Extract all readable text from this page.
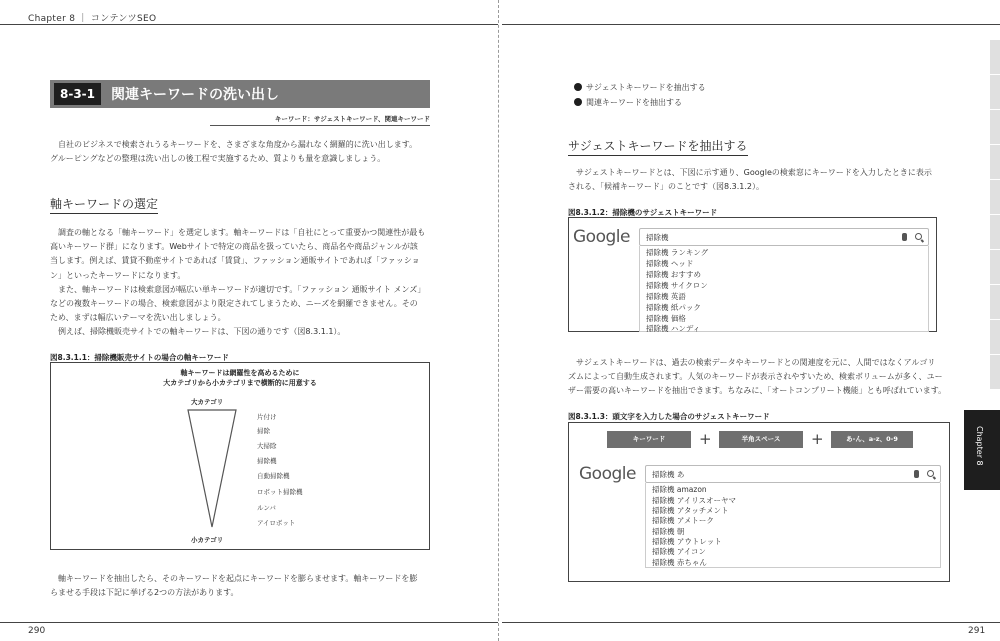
Chapter 8 ｜ コンテンツSEO
8-3-1	関連キーワードの洗い出し
キーワード：サジェストキーワード、関連キーワード
自社のビジネスで検索されうるキーワードを、さまざまな角度から漏れなく網羅的に洗い出します。
グルーピングなどの整理は洗い出しの後工程で実施するため、質よりも量を意識しましょう。
軸キーワードの選定
調査の軸となる「軸キーワード」を選定します。軸キーワードは「自社にとって重要かつ関連性が最も
高いキーワード群」になります。Webサイトで特定の商品を扱っていたら、商品名や商品ジャンルが該
当します。例えば、賃貸不動産サイトであれば「賃貸」、ファッション通販サイトであれば「ファッショ
ン」といったキーワードになります。
また、軸キーワードは検索意図が幅広い単キーワードが適切です。「ファッション 通販サイト メンズ」
などの複数キーワードの場合、検索意図がより限定されてしまうため、ニーズを網羅できません。その
ため、まずは幅広いテーマを洗い出しましょう。
例えば、掃除機販売サイトでの軸キーワードは、下図の通りです（図8.3.1.1）。
図8.3.1.1：掃除機販売サイトの場合の軸キーワード
軸キーワードは網羅性を高めるために
大カテゴリから小カテゴリまで横断的に用意する
大カテゴリ
小カテゴリ
片付け
掃除
大掃除
掃除機
自動掃除機
ロボット掃除機
ルンバ
アイロボット
軸キーワードを抽出したら、そのキーワードを起点にキーワードを膨らませます。軸キーワードを膨
らませる手段は下記に挙げる2つの方法があります。
290
サジェストキーワードを抽出する
関連キーワードを抽出する
サジェストキーワードを抽出する
サジェストキーワードとは、下図に示す通り、Googleの検索窓にキーワードを入力したときに表示
される、「候補キーワード」のことです（図8.3.1.2）。
図8.3.1.2：掃除機のサジェストキーワード
Google 掃除機
掃除機 ランキング
掃除機 ヘッド
掃除機 おすすめ
掃除機 サイクロン
掃除機 英語
掃除機 紙パック
掃除機 価格
掃除機 ハンディ
サジェストキーワードは、過去の検索データやキーワードとの関連度を元に、人間ではなくアルゴリ
ズムによって自動生成されます。人気のキーワードが表示されやすいため、検索ボリュームが多く、ユー
ザー需要の高いキーワードを抽出できます。ちなみに、「オートコンプリート機能」とも呼ばれています。
図8.3.1.3：頭文字を入力した場合のサジェストキーワード
キーワード	+	半角スペース	+	あ-ん、a-z、0-9
Google 掃除機 あ
掃除機 amazon
掃除機 アイリスオーヤマ
掃除機 アタッチメント
掃除機 アメトーク
掃除機 朝
掃除機 アウトレット
掃除機 アイコン
掃除機 赤ちゃん
291
Chapter 8
